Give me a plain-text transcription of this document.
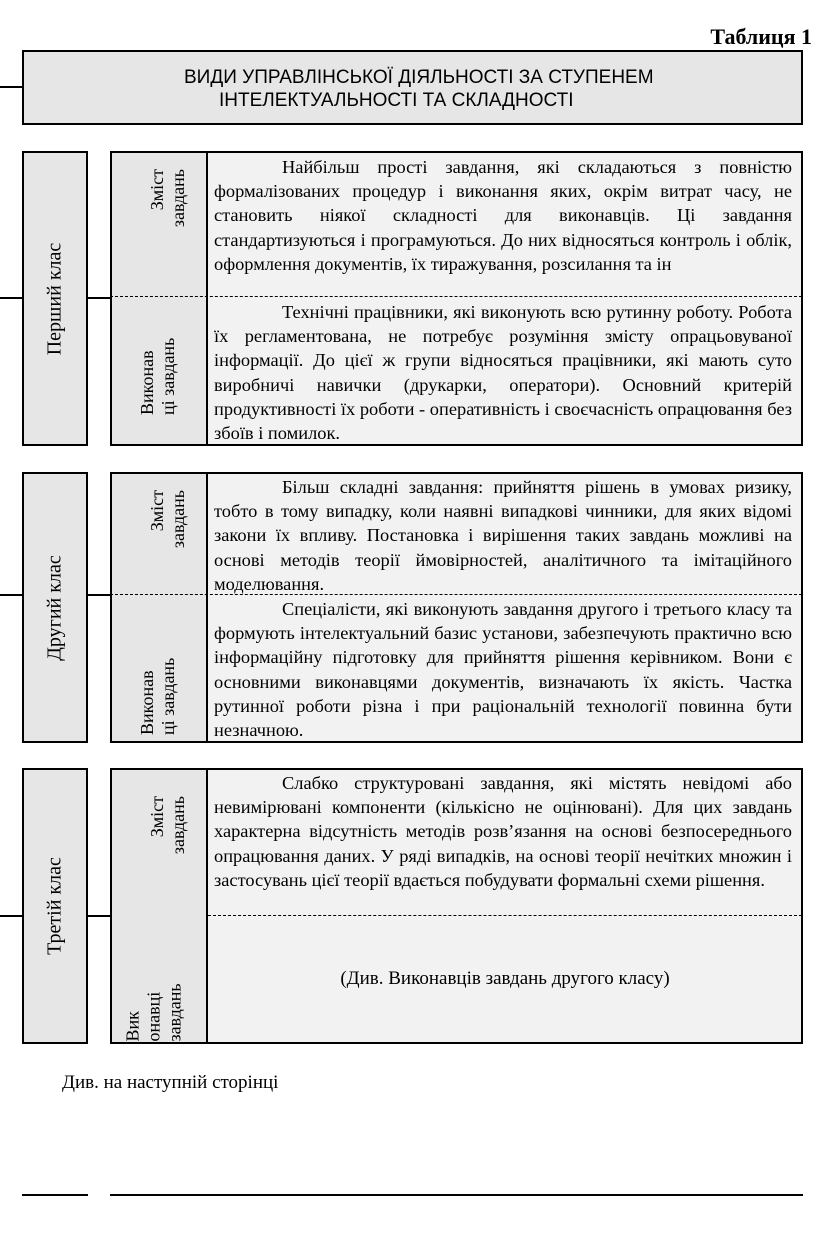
Таблиця 1
ВИДИ УПРАВЛІНСЬКОЇ ДІЯЛЬНОСТІ ЗА СТУПЕНЕМ
ІНТЕЛЕКТУАЛЬНОСТІ ТА СКЛАДНОСТІ
Перший клас
Зміст
завдань
Виконав
ці завдань
Найбільш прості завдання, які складаються з повністю формалізованих процедур і виконання яких, окрім витрат часу, не становить ніякої складності для виконавців. Ці завдання стандартизуються і програмуються. До них відносяться контроль і облік, оформлення документів, їх тиражування, розсилання та ін
Технічні працівники, які виконують всю рутинну роботу. Робота їх регламентована, не потребує розуміння змісту опрацьовуваної інформації. До цієї ж групи відносяться працівники, які мають суто виробничі навички (друкарки, оператори). Основний критерій продуктивності їх роботи - оперативність і своєчасність опрацювання без збоїв і помилок.
Другий клас
Зміст
завдань
Виконав
ці завдань
Більш складні завдання: прийняття рішень в умовах ризику, тобто в тому випадку, коли наявні випадкові чинники, для яких відомі закони їх впливу. Постановка і вирішення таких завдань можливі на основі методів теорії ймовірностей, аналітичного та імітаційного моделювання.
Спеціалісти, які виконують завдання другого і третього класу та формують інтелектуальний базис установи, забезпечують практично всю інформаційну підготовку для прийняття рішення керівником. Вони є основними виконавцями документів, визначають їх якість. Частка рутинної роботи різна і при раціональній технології повинна бути незначною.
Третій клас
Зміст
завдань
Вик
онавці
завдань
Слабко структуровані завдання, які містять невідомі або невимірювані компоненти (кількісно не оцінювані). Для цих завдань характерна відсутність методів розв’язання на основі безпосереднього опрацювання даних. У ряді випадків, на основі теорії нечітких множин і застосувань цієї теорії вдається побудувати формальні схеми рішення.
(Див. Виконавців завдань другого класу)
Див. на наступній сторінці
